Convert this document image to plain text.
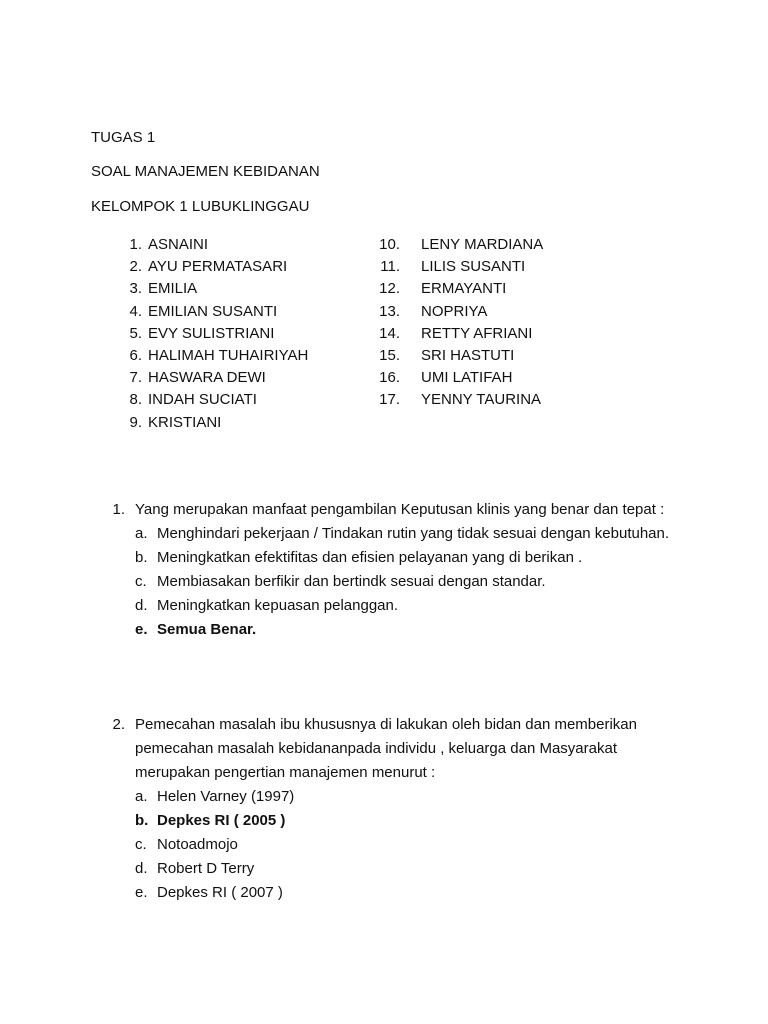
TUGAS 1
SOAL MANAJEMEN KEBIDANAN
KELOMPOK 1 LUBUKLINGGAU
1. ASNAINI
2. AYU PERMATASARI
3. EMILIA
4. EMILIAN SUSANTI
5. EVY SULISTRIANI
6. HALIMAH TUHAIRIYAH
7. HASWARA DEWI
8. INDAH SUCIATI
9. KRISTIANI
10.	LENY MARDIANA
11.	LILIS SUSANTI
12.	ERMAYANTI
13.	NOPRIYA
14.	RETTY AFRIANI
15.	SRI HASTUTI
16.	UMI LATIFAH
17.	YENNY TAURINA
1. Yang merupakan manfaat pengambilan Keputusan klinis yang benar dan tepat :
a. Menghindari pekerjaan / Tindakan rutin yang tidak sesuai dengan kebutuhan.
b. Meningkatkan efektifitas dan efisien pelayanan yang di berikan .
c. Membiasakan berfikir dan bertindk sesuai dengan standar.
d. Meningkatkan kepuasan pelanggan.
e. Semua Benar.
2. Pemecahan masalah ibu khususnya di lakukan oleh bidan dan memberikan pemecahan masalah kebidananpada individu , keluarga dan Masyarakat merupakan pengertian manajemen menurut :
a. Helen Varney (1997)
b. Depkes RI ( 2005 )
c. Notoadmojo
d. Robert D Terry
e. Depkes RI ( 2007 )
